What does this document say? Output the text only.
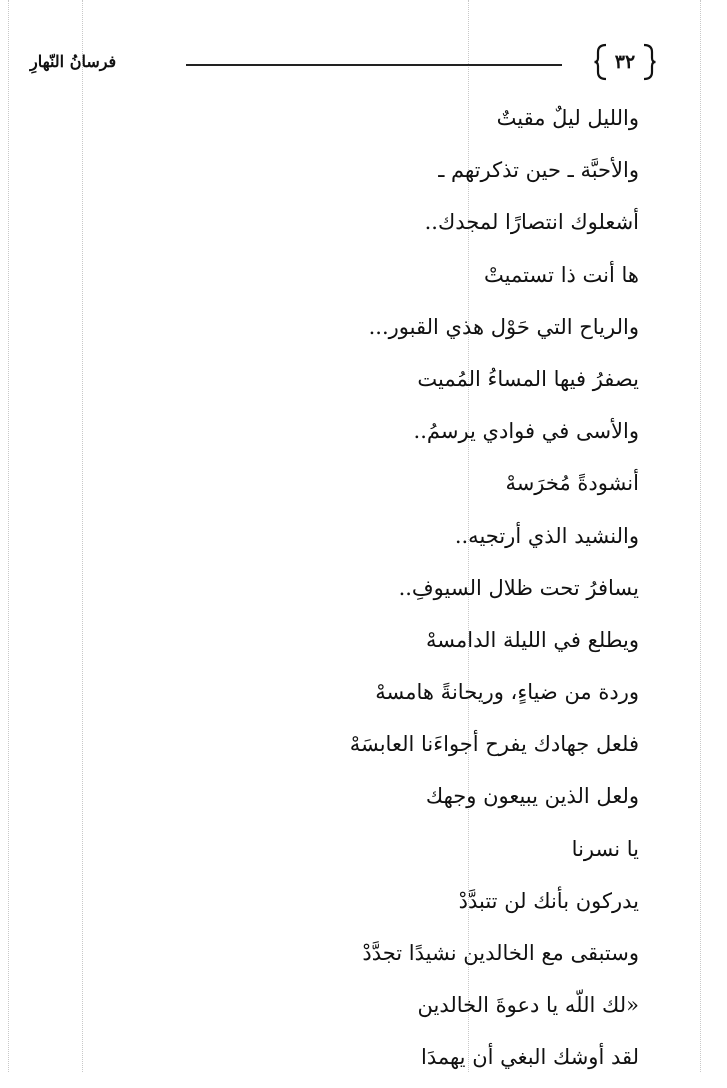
فرسانُ النّهارِ	٣٢
والليل ليلٌ مقيتٌ
والأحبَّة ـ حين تذكرتهم ـ
أشعلوك انتصارًا لمجدك..
ها أنت ذا تستميتْ
والرياح التي حَوْل هذي القبور...
يصفرُ فيها المساءُ المُميت
والأسى في فوادي يرسمُ..
أنشودةً مُخرَسهْ
والنشيد الذي أرتجيه..
يسافرُ تحت ظلال السيوفِ..
ويطلع في الليلة الدامسهْ
وردة من ضياءٍ، وريحانةً هامسهْ
فلعل جهادك يفرح أجواءَنا العابسَهْ
ولعل الذين يبيعون وجهك
يا نسرنا
يدركون بأنك لن تتبدَّدْ
وستبقى مع الخالدين نشيدًا تجدَّدْ
«لك اللّه يا دعوةَ الخالدين
لقد أوشك البغي أن يهمدَا
